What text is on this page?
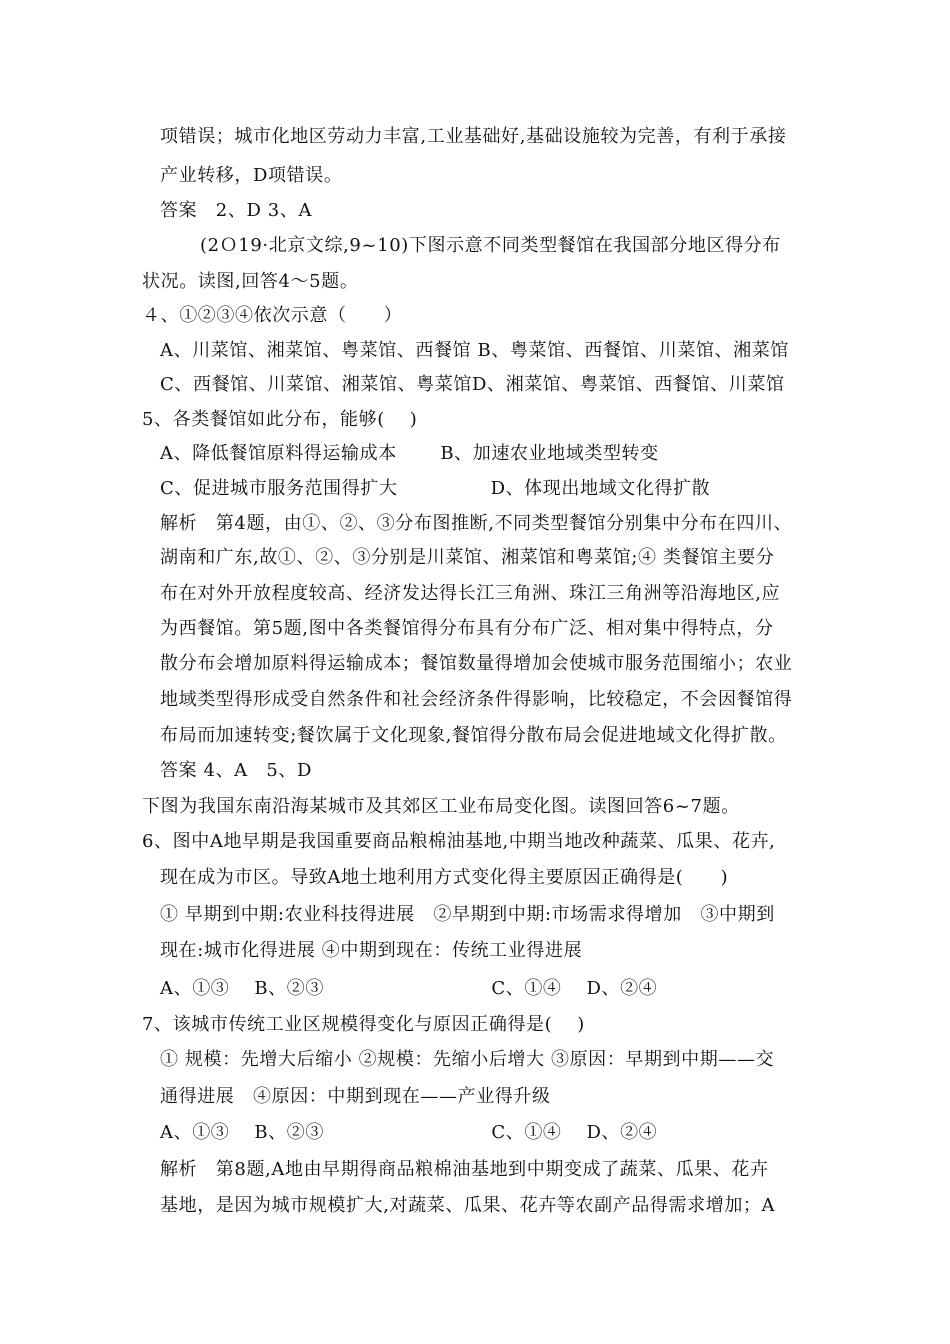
项错误；城市化地区劳动力丰富,工业基础好,基础设施较为完善，有利于承接
产业转移，D项错误。
答案　2、D 3、A
(2Ｏ19·北京文综,9~10)下图示意不同类型餐馆在我国部分地区得分布
状况。读图,回答4～5题。
４、①②③④依次示意（　　）
A、川菜馆、湘菜馆、粤菜馆、西餐馆 B、粤菜馆、西餐馆、川菜馆、湘菜馆
C、西餐馆、川菜馆、湘菜馆、粤菜馆D、湘菜馆、粤菜馆、西餐馆、川菜馆
5、各类餐馆如此分布，能够(　 )
A、降低餐馆原料得运输成本　　 B、加速农业地域类型转变
C、促进城市服务范围得扩大　　　　　D、体现出地域文化得扩散
解析　第4题，由①、②、③分布图推断,不同类型餐馆分别集中分布在四川、
湖南和广东,故①、②、③分别是川菜馆、湘菜馆和粤菜馆;④ 类餐馆主要分
布在对外开放程度较高、经济发达得长江三角洲、珠江三角洲等沿海地区,应
为西餐馆。第5题,图中各类餐馆得分布具有分布广泛、相对集中得特点，分
散分布会增加原料得运输成本；餐馆数量得增加会使城市服务范围缩小；农业
地域类型得形成受自然条件和社会经济条件得影响，比较稳定，不会因餐馆得
布局而加速转变;餐饮属于文化现象,餐馆得分散布局会促进地域文化得扩散。
答案 4、A　5、D
下图为我国东南沿海某城市及其郊区工业布局变化图。读图回答6~7题。
6、图中A地早期是我国重要商品粮棉油基地,中期当地改种蔬菜、瓜果、花卉,
现在成为市区。导致A地土地利用方式变化得主要原因正确得是(　　)
① 早期到中期:农业科技得进展　②早期到中期:市场需求得增加　③中期到
现在:城市化得进展 ④中期到现在：传统工业得进展
A、①③　 B、②③　　　　　　　　　C、①④　 D、②④
7、该城市传统工业区规模得变化与原因正确得是(　 )
① 规模：先增大后缩小 ②规模：先缩小后增大 ③原因：早期到中期——交
通得进展　④原因：中期到现在——产业得升级
A、①③　 B、②③　　　　　　　　　C、①④　 D、②④
解析　第8题,A地由早期得商品粮棉油基地到中期变成了蔬菜、瓜果、花卉
基地，是因为城市规模扩大,对蔬菜、瓜果、花卉等农副产品得需求增加；A
